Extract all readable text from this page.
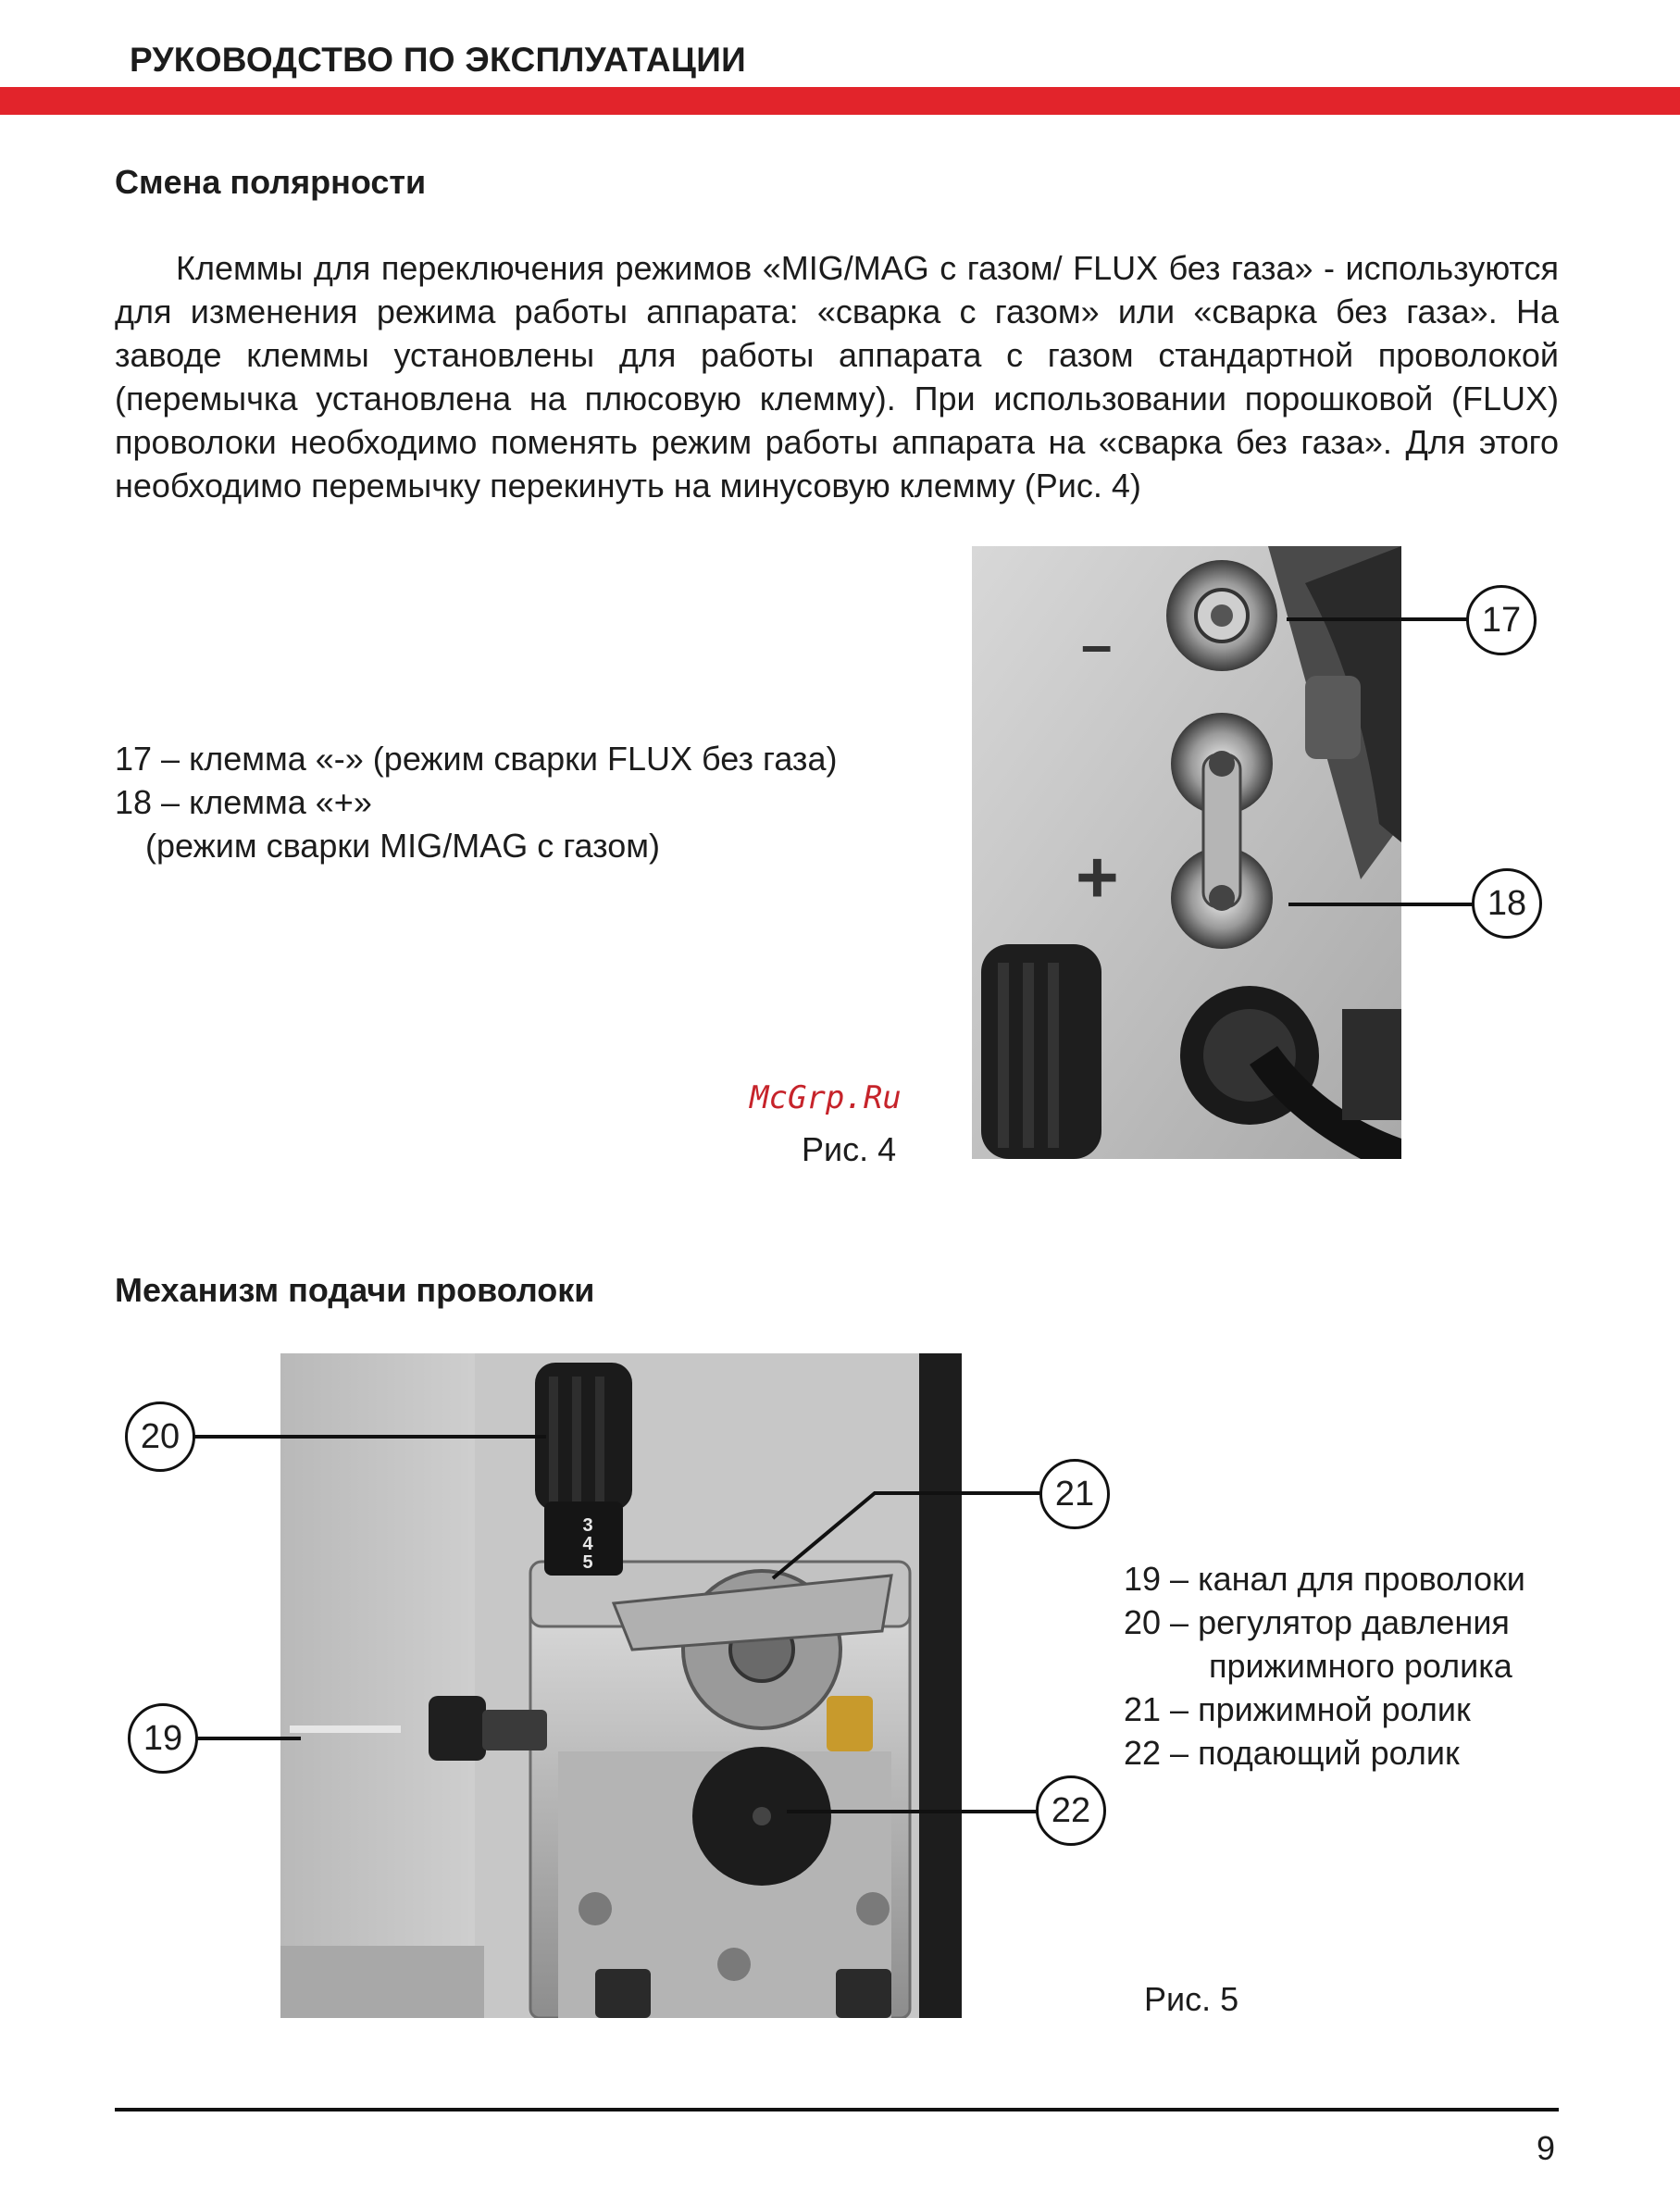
РУКОВОДСТВО ПО ЭКСПЛУАТАЦИИ
Смена полярности
Клеммы для переключения режимов «MIG/MAG с газом/ FLUX без газа» - используются для изменения режима работы аппарата: «сварка с газом» или «сварка без газа». На заводе клеммы установлены для работы аппарата с газом стандартной проволокой (перемычка установлена на плюсовую клемму). При использовании порошковой (FLUX) проволоки необходимо поменять режим работы аппарата на «сварка без газа». Для этого необходимо перемычку перекинуть на минусовую клемму (Рис. 4)
17 – клемма «-» (режим сварки FLUX без газа)
18 – клемма «+»
(режим сварки MIG/MAG с газом)
–
+
17
18
McGrp.Ru
Рис. 4
Механизм подачи проволоки
3
4
5
20
21
19
22
19 – канал для проволоки
20 – регулятор давления
прижимного ролика
21 – прижимной ролик
22 – подающий ролик
Рис. 5
9
